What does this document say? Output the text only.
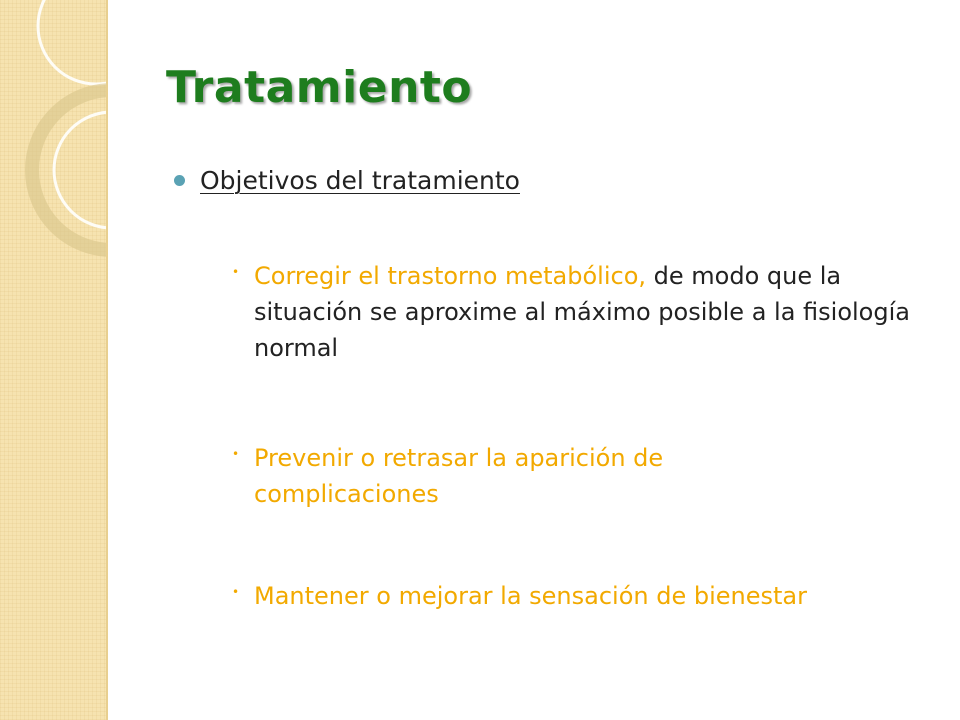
Tratamiento
Objetivos del tratamiento
• Corregir el trastorno metabólico, de modo que la situación se aproxime al máximo posible a la fisiología normal
• Prevenir o retrasar la aparición de complicaciones
• Mantener o mejorar la sensación de bienestar
